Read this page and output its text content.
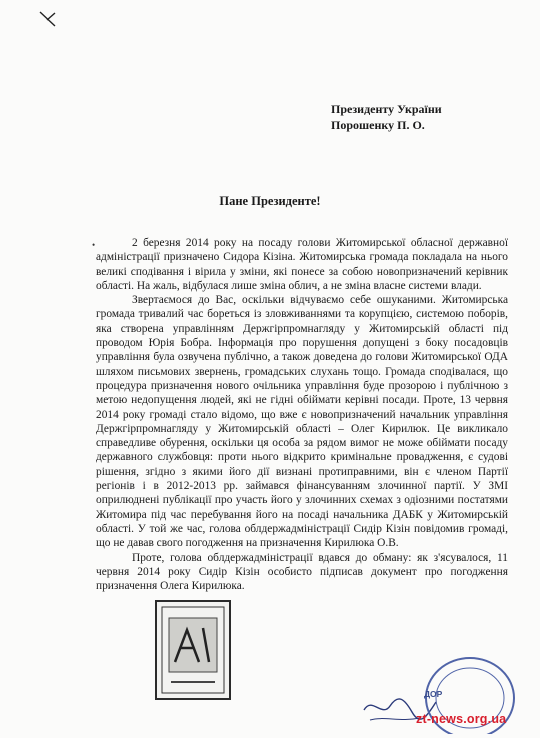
Президенту України
Порошенку П. О.
Пане Президенте!
•	2 березня 2014 року на посаду голови Житомирської обласної державної адміністрації призначено Сидора Кізіна. Житомирська громада покладала на нього великі сподівання і вірила у зміни, які понесе за собою новопризначений керівник області. На жаль, відбулася лише зміна облич, а не зміна власне системи влади.

Звертаємося до Вас, оскільки відчуваємо себе ошуканими. Житомирська громада тривалий час бореться із зловживаннями та корупцією, системою поборів, яка створена управлінням Держгірпромнагляду у Житомирській області під проводом Юрія Бобра. Інформація про порушення допущені з боку посадовців управління була озвучена публічно, а також доведена до голови Житомирської ОДА шляхом письмових звернень, громадських слухань тощо. Громада сподівалася, що процедура призначення нового очільника управління буде прозорою і публічною з метою недопущення людей, які не гідні обіймати керівні посади. Проте, 13 червня 2014 року громаді стало відомо, що вже є новопризначений начальник управління Держгірпромнагляду у Житомирській області – Олег Кирилюк. Це викликало справедливе обурення, оскільки ця особа за рядом вимог не може обіймати посаду державного службовця: проти нього відкрито кримінальне провадження, є судові рішення, згідно з якими його дії визнані протиправними, він є членом Партії регіонів і в 2012-2013 рр. займався фінансуванням злочинної партії. У ЗМІ оприлюднені публікації про участь його у злочинних схемах з одіозними постатями Житомира під час перебування його на посаді начальника ДАБК у Житомирській області. У той же час, голова облдержадміністрації Сидір Кізін повідомив громаді, що не давав свого погодження на призначення Кирилюка О.В.

Проте, голова облдержадміністрації вдався до обману: як з'ясувалося, 11 червня 2014 року Сидір Кізін особисто підписав документ про погодження призначення Олега Кирилюка.

ДОР
zt-news.org.ua
